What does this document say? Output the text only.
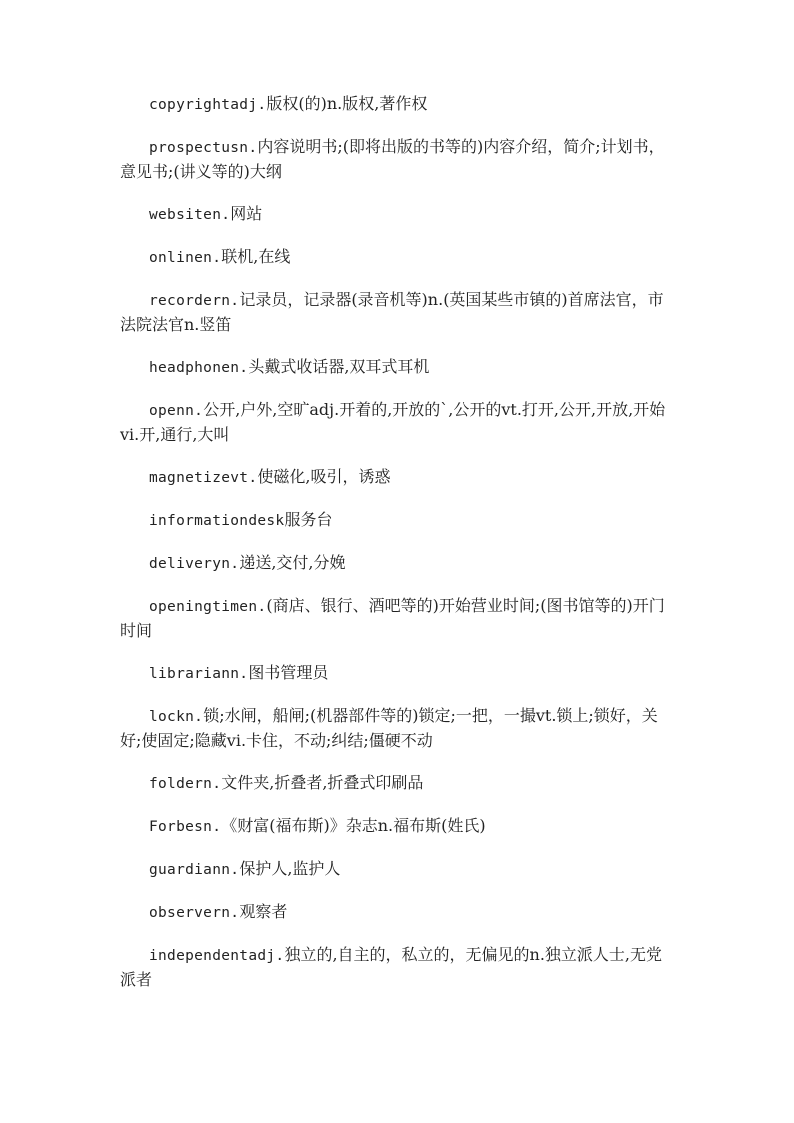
copyrightadj.版权(的)n.版权,著作权

prospectusn.内容说明书;(即将出版的书等的)内容介绍，简介;计划书，意见书;(讲义等的)大纲

websiten.网站

onlinen.联机,在线

recordern.记录员，记录器(录音机等)n.(英国某些市镇的)首席法官，市法院法官n.竖笛

headphonen.头戴式收话器,双耳式耳机

openn.公开,户外,空旷adj.开着的,开放的`,公开的vt.打开,公开,开放,开始vi.开,通行,大叫

magnetizevt.使磁化,吸引，诱惑

informationdesk服务台

deliveryn.递送,交付,分娩

openingtimen.(商店、银行、酒吧等的)开始营业时间;(图书馆等的)开门时间

librariann.图书管理员

lockn.锁;水闸，船闸;(机器部件等的)锁定;一把，一撮vt.锁上;锁好，关好;使固定;隐藏vi.卡住，不动;纠结;僵硬不动

foldern.文件夹,折叠者,折叠式印刷品

Forbesn.《财富(福布斯)》杂志n.福布斯(姓氏)

guardiann.保护人,监护人

observern.观察者

independentadj.独立的,自主的，私立的，无偏见的n.独立派人士,无党派者
